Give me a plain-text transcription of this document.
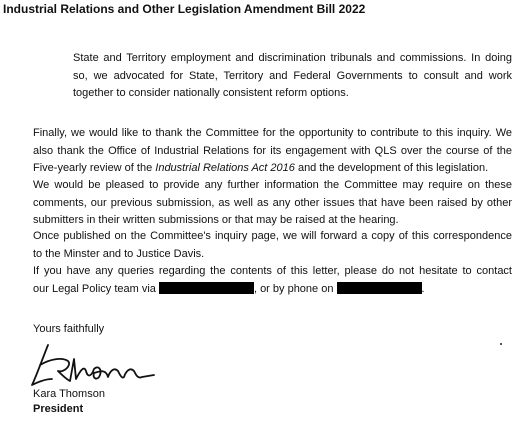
Industrial Relations and Other Legislation Amendment Bill 2022
State and Territory employment and discrimination tribunals and commissions. In doing
so, we advocated for State, Territory and Federal Governments to consult and work
together to consider nationally consistent reform options.
Finally, we would like to thank the Committee for the opportunity to contribute to this inquiry. We
also thank the Office of Industrial Relations for its engagement with QLS over the course of the
Five-yearly review of the Industrial Relations Act 2016 and the development of this legislation.
We would be pleased to provide any further information the Committee may require on these
comments, our previous submission, as well as any other issues that have been raised by other
submitters in their written submissions or that may be raised at the hearing.
Once published on the Committee's inquiry page, we will forward a copy of this correspondence
to the Minster and to Justice Davis.
If you have any queries regarding the contents of this letter, please do not hesitate to contact
our Legal Policy team via	, or by phone on	.
Yours faithfully
Kara Thomson
President
